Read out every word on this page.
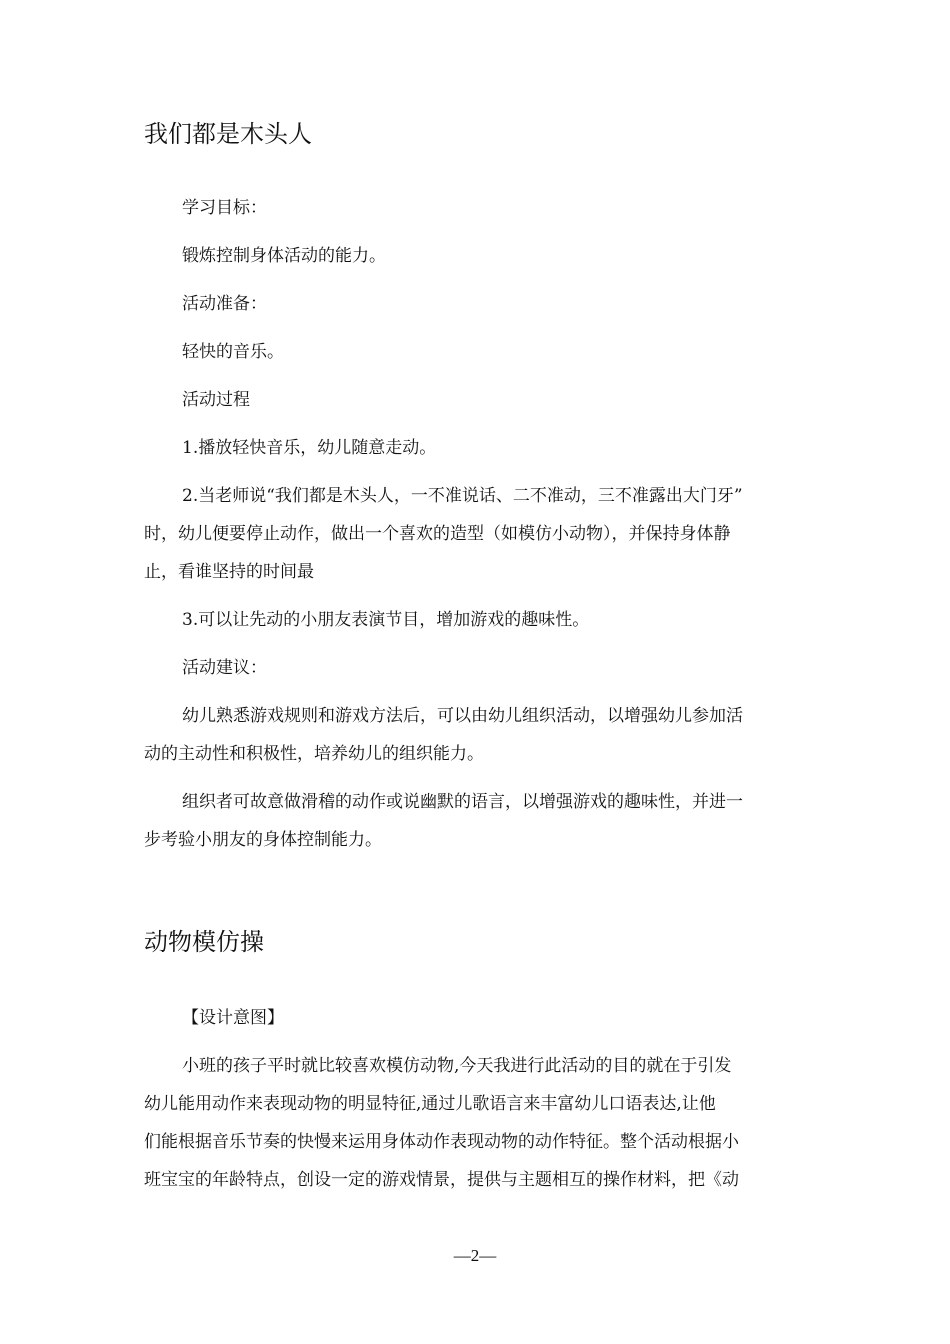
我们都是木头人
学习目标：
锻炼控制身体活动的能力。
活动准备：
轻快的音乐。
活动过程
1.播放轻快音乐，幼儿随意走动。
2.当老师说“我们都是木头人，一不准说话、二不准动，三不准露出大门牙”
时，幼儿便要停止动作，做出一个喜欢的造型（如模仿小动物），并保持身体静
止，看谁坚持的时间最
3.可以让先动的小朋友表演节目，增加游戏的趣味性。
活动建议：
幼儿熟悉游戏规则和游戏方法后，可以由幼儿组织活动，以增强幼儿参加活
动的主动性和积极性，培养幼儿的组织能力。
组织者可故意做滑稽的动作或说幽默的语言，以增强游戏的趣味性，并进一
步考验小朋友的身体控制能力。
动物模仿操
【设计意图】
小班的孩子平时就比较喜欢模仿动物,今天我进行此活动的目的就在于引发
幼儿能用动作来表现动物的明显特征,通过儿歌语言来丰富幼儿口语表达,让他
们能根据音乐节奏的快慢来运用身体动作表现动物的动作特征。整个活动根据小
班宝宝的年龄特点，创设一定的游戏情景，提供与主题相互的操作材料，把《动
—2—
